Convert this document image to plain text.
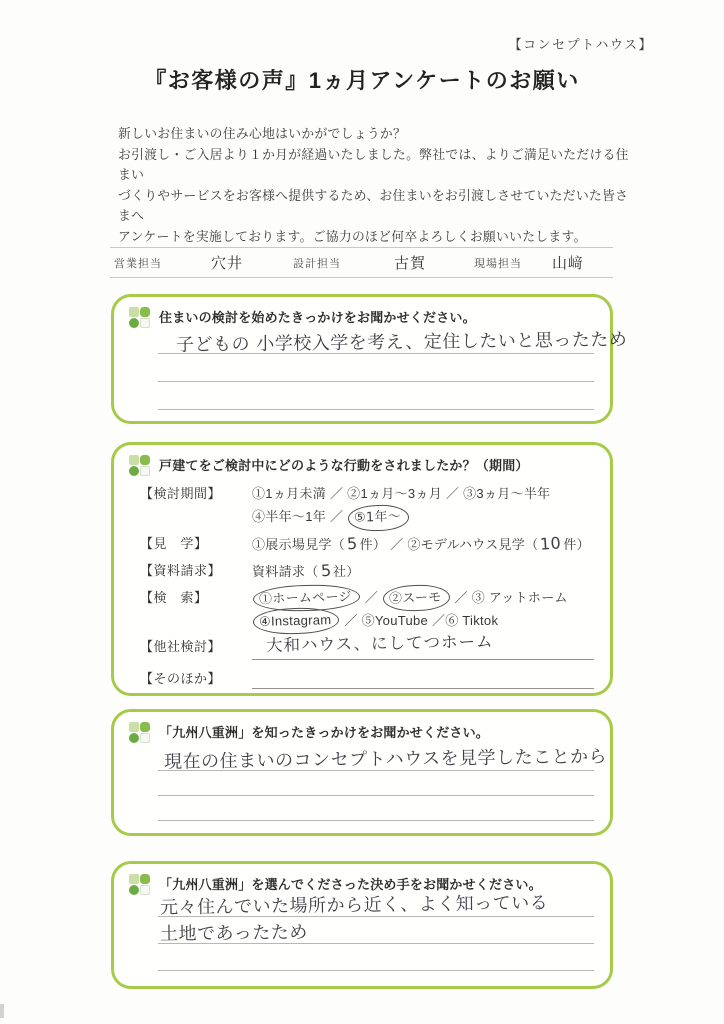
【コンセプトハウス】
『お客様の声』1ヵ月アンケートのお願い
新しいお住まいの住み心地はいかがでしょうか？
お引渡し・ご入居より１か月が経過いたしました。弊社では、よりご満足いただける住まい
づくりやサービスをお客様へ提供するため、お住まいをお引渡しさせていただいた皆さまへ
アンケートを実施しております。ご協力のほど何卒よろしくお願いいたします。
営業担当	穴井	設計担当	古賀	現場担当	山﨑
住まいの検討を始めたきっかけをお聞かせください。
子どもの 小学校入学を考え、定住したいと思ったため
戸建てをご検討中にどのような行動をされましたか？（期間）
【検討期間】	①1ヵ月未満 ／ ②1ヵ月〜3ヵ月 ／ ③3ヵ月〜半年
④半年〜1年 ／ ⑤1年〜
【見　学】	①展示場見学（5件） ／ ②モデルハウス見学（10件）
【資料請求】	資料請求（5社）
【検　索】	①ホームページ ／ ②スーモ ／ ③ アットホーム
④Instagram ／ ⑤YouTube ／⑥ Tiktok
【他社検討】	大和ハウス、にしてつホーム
【そのほか】
「九州八重洲」を知ったきっかけをお聞かせください。
現在の住まいのコンセプトハウスを見学したことから
「九州八重洲」を選んでくださった決め手をお聞かせください。
元々住んでいた場所から近く、よく知っている
土地であったため
